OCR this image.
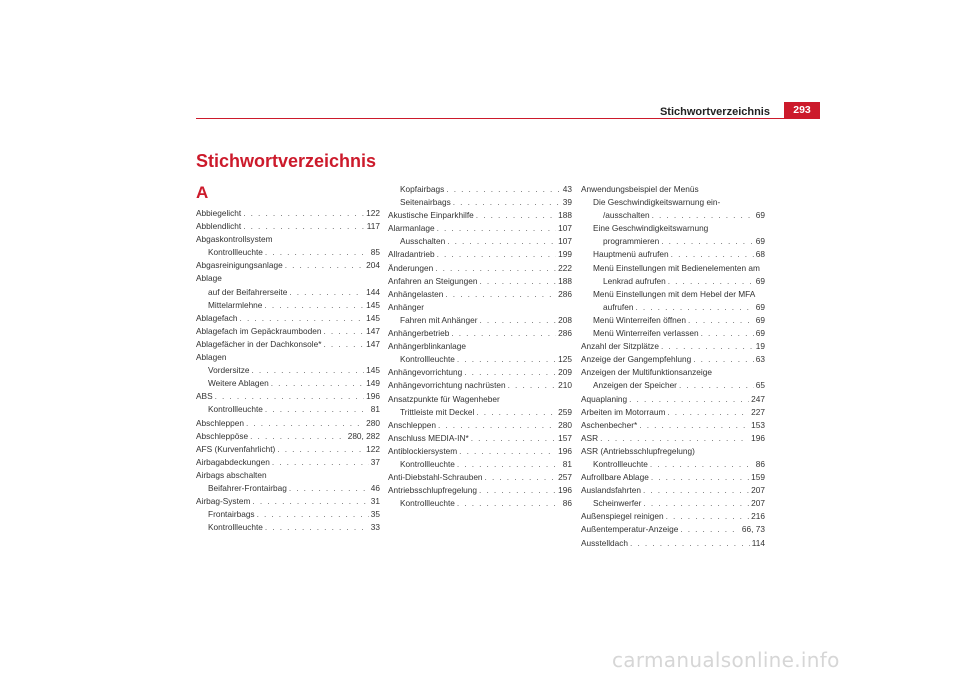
Stichwortverzeichnis	293
Stichwortverzeichnis
A
Abbiegelicht . . .	122
Abblendlicht . . .	117
Abgaskontrollsystem
Kontrollleuchte . . .	85
Abgasreinigungsanlage . . .	204
Ablage
auf der Beifahrerseite . . .	144
Mittelarmlehne . . .	145
Ablagefach . . .	145
Ablagefach im Gepäckraumboden . . .	147
Ablagefächer in der Dachkonsole* . . .	147
Ablagen
Vordersitze . . .	145
Weitere Ablagen . . .	149
ABS . . .	196
Kontrollleuchte . . .	81
Abschleppen . . .	280
Abschleppöse . . .	280, 282
AFS (Kurvenfahrlicht) . . .	122
Airbagabdeckungen . . .	37
Airbags abschalten
Beifahrer-Frontairbag . . .	46
Airbag-System . . .	31
Frontairbags . . .	35
Kontrollleuchte . . .	33
Kopfairbags . . .	43
Seitenairbags . . .	39
Akustische Einparkhilfe . . .	188
Alarmanlage . . .	107
Ausschalten . . .	107
Allradantrieb . . .	199
Änderungen . . .	222
Anfahren an Steigungen . . .	188
Anhängelasten . . .	286
Anhänger
Fahren mit Anhänger . . .	208
Anhängerbetrieb . . .	286
Anhängerblinkanlage
Kontrollleuchte . . .	125
Anhängevorrichtung . . .	209
Anhängevorrichtung nachrüsten . . .	210
Ansatzpunkte für Wagenheber
Trittleiste mit Deckel . . .	259
Anschleppen . . .	280
Anschluss MEDIA-IN* . . .	157
Antiblockiersystem . . .	196
Kontrollleuchte . . .	81
Anti-Diebstahl-Schrauben . . .	257
Antriebsschlupfregelung . . .	196
Kontrollleuchte . . .	86
Anwendungsbeispiel der Menüs
Die Geschwindigkeitswarnung ein-
/ausschalten . . .	69
Eine Geschwindigkeitswarnung
programmieren . . .	69
Hauptmenü aufrufen . . .	68
Menü Einstellungen mit Bedienelementen am
Lenkrad aufrufen . . .	69
Menü Einstellungen mit dem Hebel der MFA
aufrufen . . .	69
Menü Winterreifen öffnen . . .	69
Menü Winterreifen verlassen . . .	69
Anzahl der Sitzplätze . . .	19
Anzeige der Gangempfehlung . . .	63
Anzeigen der Multifunktionsanzeige
Anzeigen der Speicher . . .	65
Aquaplaning . . .	247
Arbeiten im Motorraum . . .	227
Aschenbecher* . . .	153
ASR . . .	196
ASR (Antriebsschlupfregelung)
Kontrollleuchte . . .	86
Aufrollbare Ablage . . .	159
Auslandsfahrten . . .	207
Scheinwerfer . . .	207
Außenspiegel reinigen . . .	216
Außentemperatur-Anzeige . . .	66, 73
Ausstelldach . . .	114
carmanualsonline.info
